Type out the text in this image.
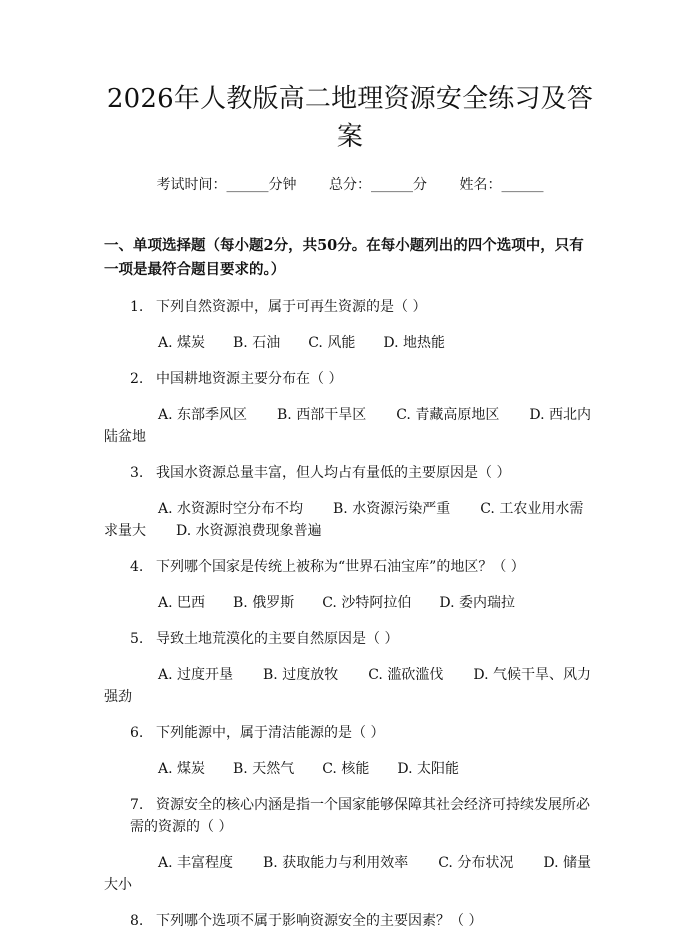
2026年人教版高二地理资源安全练习及答案
考试时间：______分钟 总分：______分 姓名：______
一、单项选择题（每小题2分，共50分。在每小题列出的四个选项中，只有一项是最符合题目要求的。）
1. 下列自然资源中，属于可再生资源的是（ ）
A. 煤炭 B. 石油 C. 风能 D. 地热能
2. 中国耕地资源主要分布在（ ）
A. 东部季风区 B. 西部干旱区 C. 青藏高原地区 D. 西北内陆盆地
3. 我国水资源总量丰富，但人均占有量低的主要原因是（ ）
A. 水资源时空分布不均 B. 水资源污染严重 C. 工农业用水需求量大 D. 水资源浪费现象普遍
4. 下列哪个国家是传统上被称为“世界石油宝库”的地区？（ ）
A. 巴西 B. 俄罗斯 C. 沙特阿拉伯 D. 委内瑞拉
5. 导致土地荒漠化的主要自然原因是（ ）
A. 过度开垦 B. 过度放牧 C. 滥砍滥伐 D. 气候干旱、风力强劲
6. 下列能源中，属于清洁能源的是（ ）
A. 煤炭 B. 天然气 C. 核能 D. 太阳能
7. 资源安全的核心内涵是指一个国家能够保障其社会经济可持续发展所必需的资源的（ ）
A. 丰富程度 B. 获取能力与利用效率 C. 分布状况 D. 储量大小
8. 下列哪个选项不属于影响资源安全的主要因素？（ ）
